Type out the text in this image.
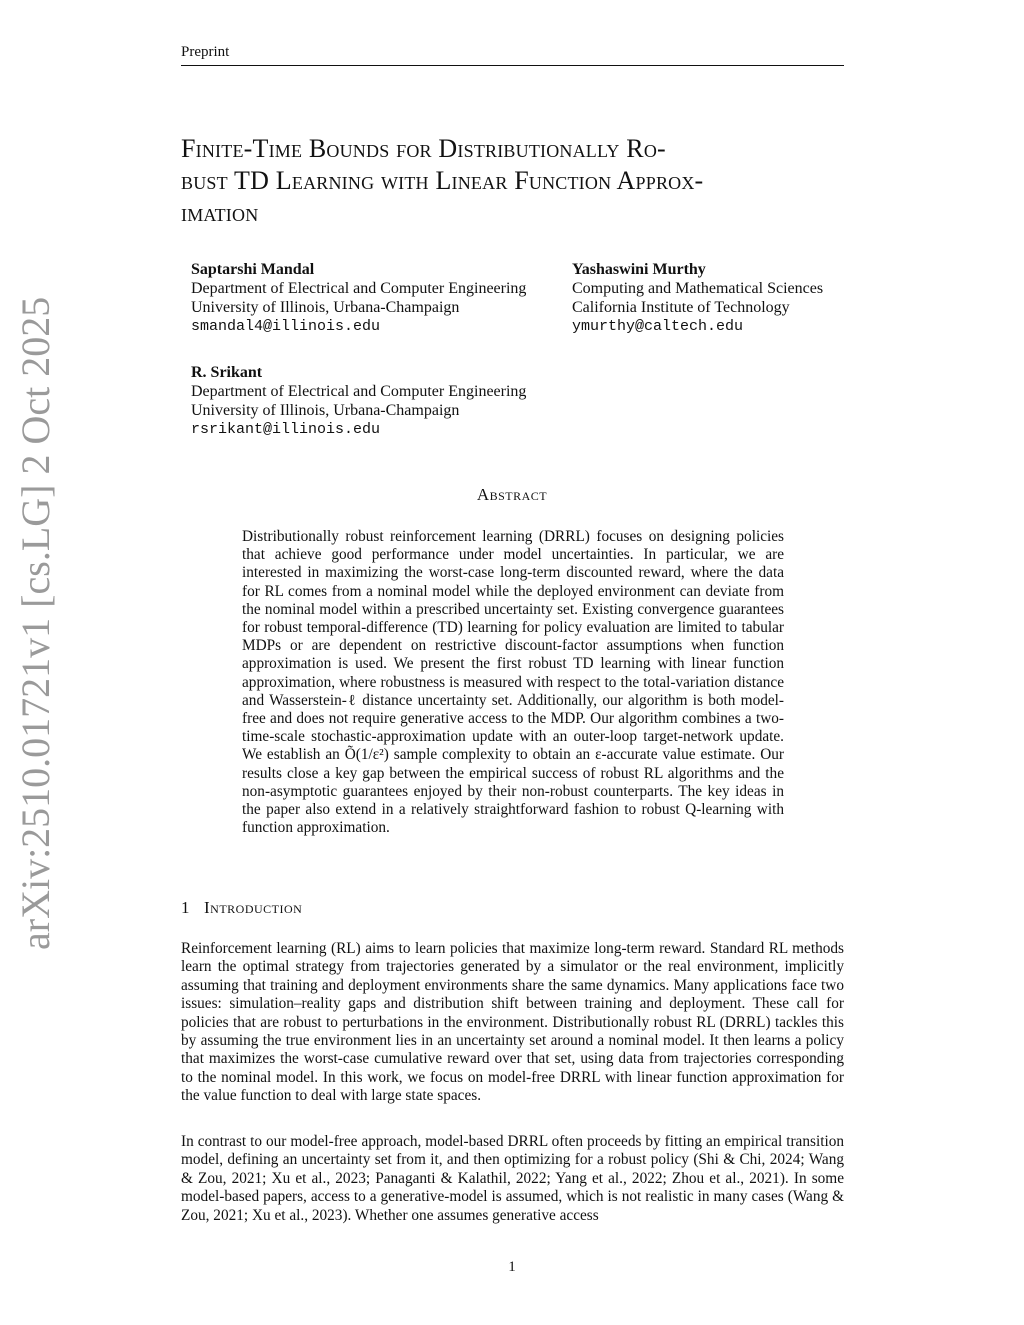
Preprint
arXiv:2510.01721v1 [cs.LG] 2 Oct 2025
Finite-Time Bounds for Distributionally Ro-
bust TD Learning with Linear Function Approx-
imation
Saptarshi Mandal
Department of Electrical and Computer Engineering
University of Illinois, Urbana-Champaign
smandal4@illinois.edu
Yashaswini Murthy
Computing and Mathematical Sciences
California Institute of Technology
ymurthy@caltech.edu
R. Srikant
Department of Electrical and Computer Engineering
University of Illinois, Urbana-Champaign
rsrikant@illinois.edu
Abstract
Distributionally robust reinforcement learning (DRRL) focuses on designing policies that achieve good performance under model uncertainties. In particular, we are interested in maximizing the worst-case long-term discounted reward, where the data for RL comes from a nominal model while the deployed environment can deviate from the nominal model within a prescribed uncertainty set. Existing convergence guarantees for robust temporal-difference (TD) learning for policy evaluation are limited to tabular MDPs or are dependent on restrictive discount-factor assumptions when function approximation is used. We present the first robust TD learning with linear function approximation, where robustness is measured with respect to the total-variation distance and Wasserstein-ℓ distance uncertainty set. Additionally, our algorithm is both model-free and does not require generative access to the MDP. Our algorithm combines a two-time-scale stochastic-approximation update with an outer-loop target-network update. We establish an Õ(1/ε²) sample complexity to obtain an ε-accurate value estimate. Our results close a key gap between the empirical success of robust RL algorithms and the non-asymptotic guarantees enjoyed by their non-robust counterparts. The key ideas in the paper also extend in a relatively straightforward fashion to robust Q-learning with function approximation.
1 Introduction
Reinforcement learning (RL) aims to learn policies that maximize long-term reward. Standard RL methods learn the optimal strategy from trajectories generated by a simulator or the real environment, implicitly assuming that training and deployment environments share the same dynamics. Many applications face two issues: simulation–reality gaps and distribution shift between training and deployment. These call for policies that are robust to perturbations in the environment. Distributionally robust RL (DRRL) tackles this by assuming the true environment lies in an uncertainty set around a nominal model. It then learns a policy that maximizes the worst-case cumulative reward over that set, using data from trajectories corresponding to the nominal model. In this work, we focus on model-free DRRL with linear function approximation for the value function to deal with large state spaces.
In contrast to our model-free approach, model-based DRRL often proceeds by fitting an empirical transition model, defining an uncertainty set from it, and then optimizing for a robust policy (Shi & Chi, 2024; Wang & Zou, 2021; Xu et al., 2023; Panaganti & Kalathil, 2022; Yang et al., 2022; Zhou et al., 2021). In some model-based papers, access to a generative-model is assumed, which is not realistic in many cases (Wang & Zou, 2021; Xu et al., 2023). Whether one assumes generative access
1
